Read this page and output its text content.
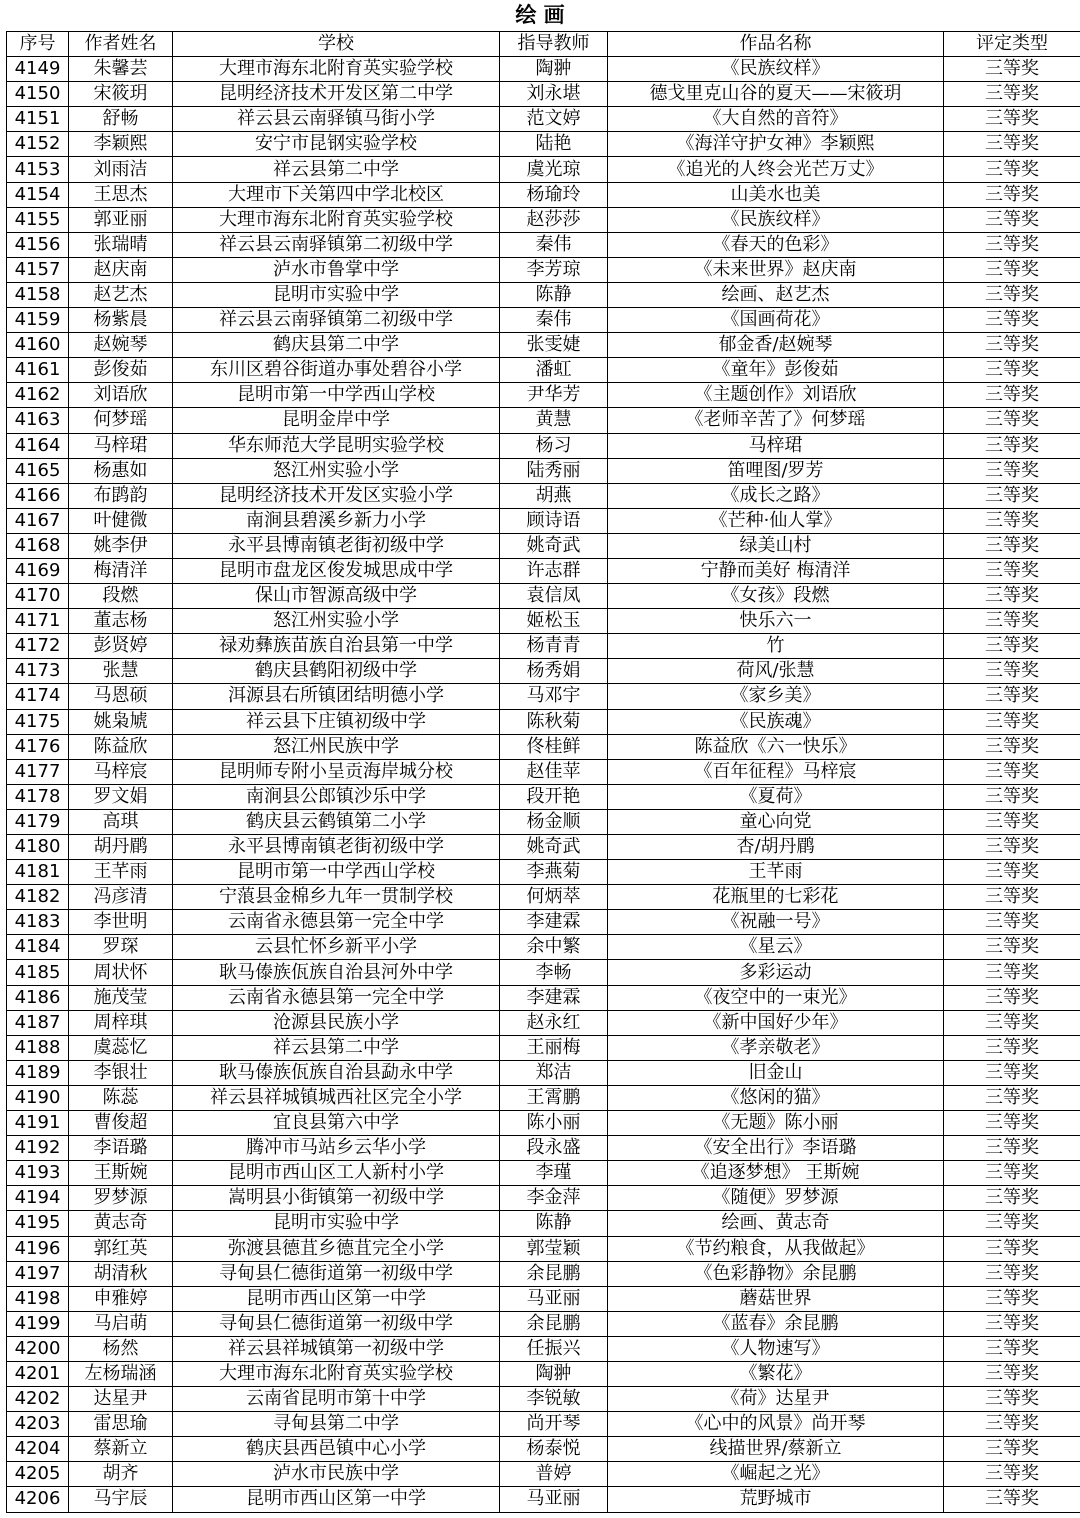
绘 画
序号	作者姓名	学校	指导教师	作品名称	评定类型
4149	朱馨芸	大理市海东北附育英实验学校	陶翀	《民族纹样》	三等奖
4150	宋筱玥	昆明经济技术开发区第二中学	刘永堪	德戈里克山谷的夏天——宋筱玥	三等奖
4151	舒畅	祥云县云南驿镇马街小学	范文婷	《大自然的音符》	三等奖
4152	李颖熙	安宁市昆钢实验学校	陆艳	《海洋守护女神》李颖熙	三等奖
4153	刘雨洁	祥云县第二中学	虞光琼	《追光的人终会光芒万丈》	三等奖
4154	王思杰	大理市下关第四中学北校区	杨瑜玲	山美水也美	三等奖
4155	郭亚丽	大理市海东北附育英实验学校	赵莎莎	《民族纹样》	三等奖
4156	张瑞晴	祥云县云南驿镇第二初级中学	秦伟	《春天的色彩》	三等奖
4157	赵庆南	泸水市鲁掌中学	李芳琼	《未来世界》赵庆南	三等奖
4158	赵艺杰	昆明市实验中学	陈静	绘画、赵艺杰	三等奖
4159	杨紫晨	祥云县云南驿镇第二初级中学	秦伟	《国画荷花》	三等奖
4160	赵婉琴	鹤庆县第二中学	张雯婕	郁金香/赵婉琴	三等奖
4161	彭俊茹	东川区碧谷街道办事处碧谷小学	潘虹	《童年》彭俊茹	三等奖
4162	刘语欣	昆明市第一中学西山学校	尹华芳	《主题创作》刘语欣	三等奖
4163	何梦瑶	昆明金岸中学	黄慧	《老师辛苦了》何梦瑶	三等奖
4164	马梓珺	华东师范大学昆明实验学校	杨习	马梓珺	三等奖
4165	杨惠如	怒江州实验小学	陆秀丽	笛哩图/罗芳	三等奖
4166	布鹍韵	昆明经济技术开发区实验小学	胡燕	《成长之路》	三等奖
4167	叶健微	南涧县碧溪乡新力小学	顾诗语	《芒种·仙人掌》	三等奖
4168	姚李伊	永平县博南镇老街初级中学	姚奇武	绿美山村	三等奖
4169	梅清洋	昆明市盘龙区俊发城思成中学	许志群	宁静而美好 梅清洋	三等奖
4170	段燃	保山市智源高级中学	袁信凤	《女孩》段燃	三等奖
4171	董志杨	怒江州实验小学	姬松玉	快乐六一	三等奖
4172	彭贤婷	禄劝彝族苗族自治县第一中学	杨青青	竹	三等奖
4173	张慧	鹤庆县鹤阳初级中学	杨秀娟	荷风/张慧	三等奖
4174	马恩硕	洱源县右所镇团结明德小学	马邓宇	《家乡美》	三等奖
4175	姚枭虓	祥云县下庄镇初级中学	陈秋菊	《民族魂》	三等奖
4176	陈益欣	怒江州民族中学	佟桂鲜	陈益欣《六一快乐》	三等奖
4177	马梓宸	昆明师专附小呈贡海岸城分校	赵佳苹	《百年征程》马梓宸	三等奖
4178	罗文娟	南涧县公郎镇沙乐中学	段开艳	《夏荷》	三等奖
4179	高琪	鹤庆县云鹤镇第二小学	杨金顺	童心向党	三等奖
4180	胡丹鹛	永平县博南镇老街初级中学	姚奇武	杏/胡丹鹛	三等奖
4181	王芊雨	昆明市第一中学西山学校	李燕菊	王芊雨	三等奖
4182	冯彦清	宁蒗县金棉乡九年一贯制学校	何炳萃	花瓶里的七彩花	三等奖
4183	李世明	云南省永德县第一完全中学	李建霖	《祝融一号》	三等奖
4184	罗琛	云县忙怀乡新平小学	余中繁	《星云》	三等奖
4185	周状怀	耿马傣族佤族自治县河外中学	李畅	多彩运动	三等奖
4186	施茂莹	云南省永德县第一完全中学	李建霖	《夜空中的一束光》	三等奖
4187	周梓琪	沧源县民族小学	赵永红	《新中国好少年》	三等奖
4188	虞蕊忆	祥云县第二中学	王丽梅	《孝亲敬老》	三等奖
4189	李银壮	耿马傣族佤族自治县勐永中学	郑洁	旧金山	三等奖
4190	陈蕊	祥云县祥城镇城西社区完全小学	王霄鹏	《悠闲的猫》	三等奖
4191	曹俊超	宜良县第六中学	陈小丽	《无题》陈小丽	三等奖
4192	李语璐	腾冲市马站乡云华小学	段永盛	《安全出行》李语璐	三等奖
4193	王斯婉	昆明市西山区工人新村小学	李瑾	《追逐梦想》 王斯婉	三等奖
4194	罗梦源	嵩明县小街镇第一初级中学	李金萍	《随便》罗梦源	三等奖
4195	黄志奇	昆明市实验中学	陈静	绘画、黄志奇	三等奖
4196	郭红英	弥渡县德苴乡德苴完全小学	郭莹颖	《节约粮食，从我做起》	三等奖
4197	胡清秋	寻甸县仁德街道第一初级中学	余昆鹏	《色彩静物》余昆鹏	三等奖
4198	申雅婷	昆明市西山区第一中学	马亚丽	蘑菇世界	三等奖
4199	马启萌	寻甸县仁德街道第一初级中学	余昆鹏	《蓝春》余昆鹏	三等奖
4200	杨然	祥云县祥城镇第一初级中学	任振兴	《人物速写》	三等奖
4201	左杨瑞涵	大理市海东北附育英实验学校	陶翀	《繁花》	三等奖
4202	达星尹	云南省昆明市第十中学	李锐敏	《荷》达星尹	三等奖
4203	雷思瑜	寻甸县第二中学	尚开琴	《心中的风景》尚开琴	三等奖
4204	蔡新立	鹤庆县西邑镇中心小学	杨泰悦	线描世界/蔡新立	三等奖
4205	胡齐	泸水市民族中学	普婷	《崛起之光》	三等奖
4206	马宇辰	昆明市西山区第一中学	马亚丽	荒野城市	三等奖
